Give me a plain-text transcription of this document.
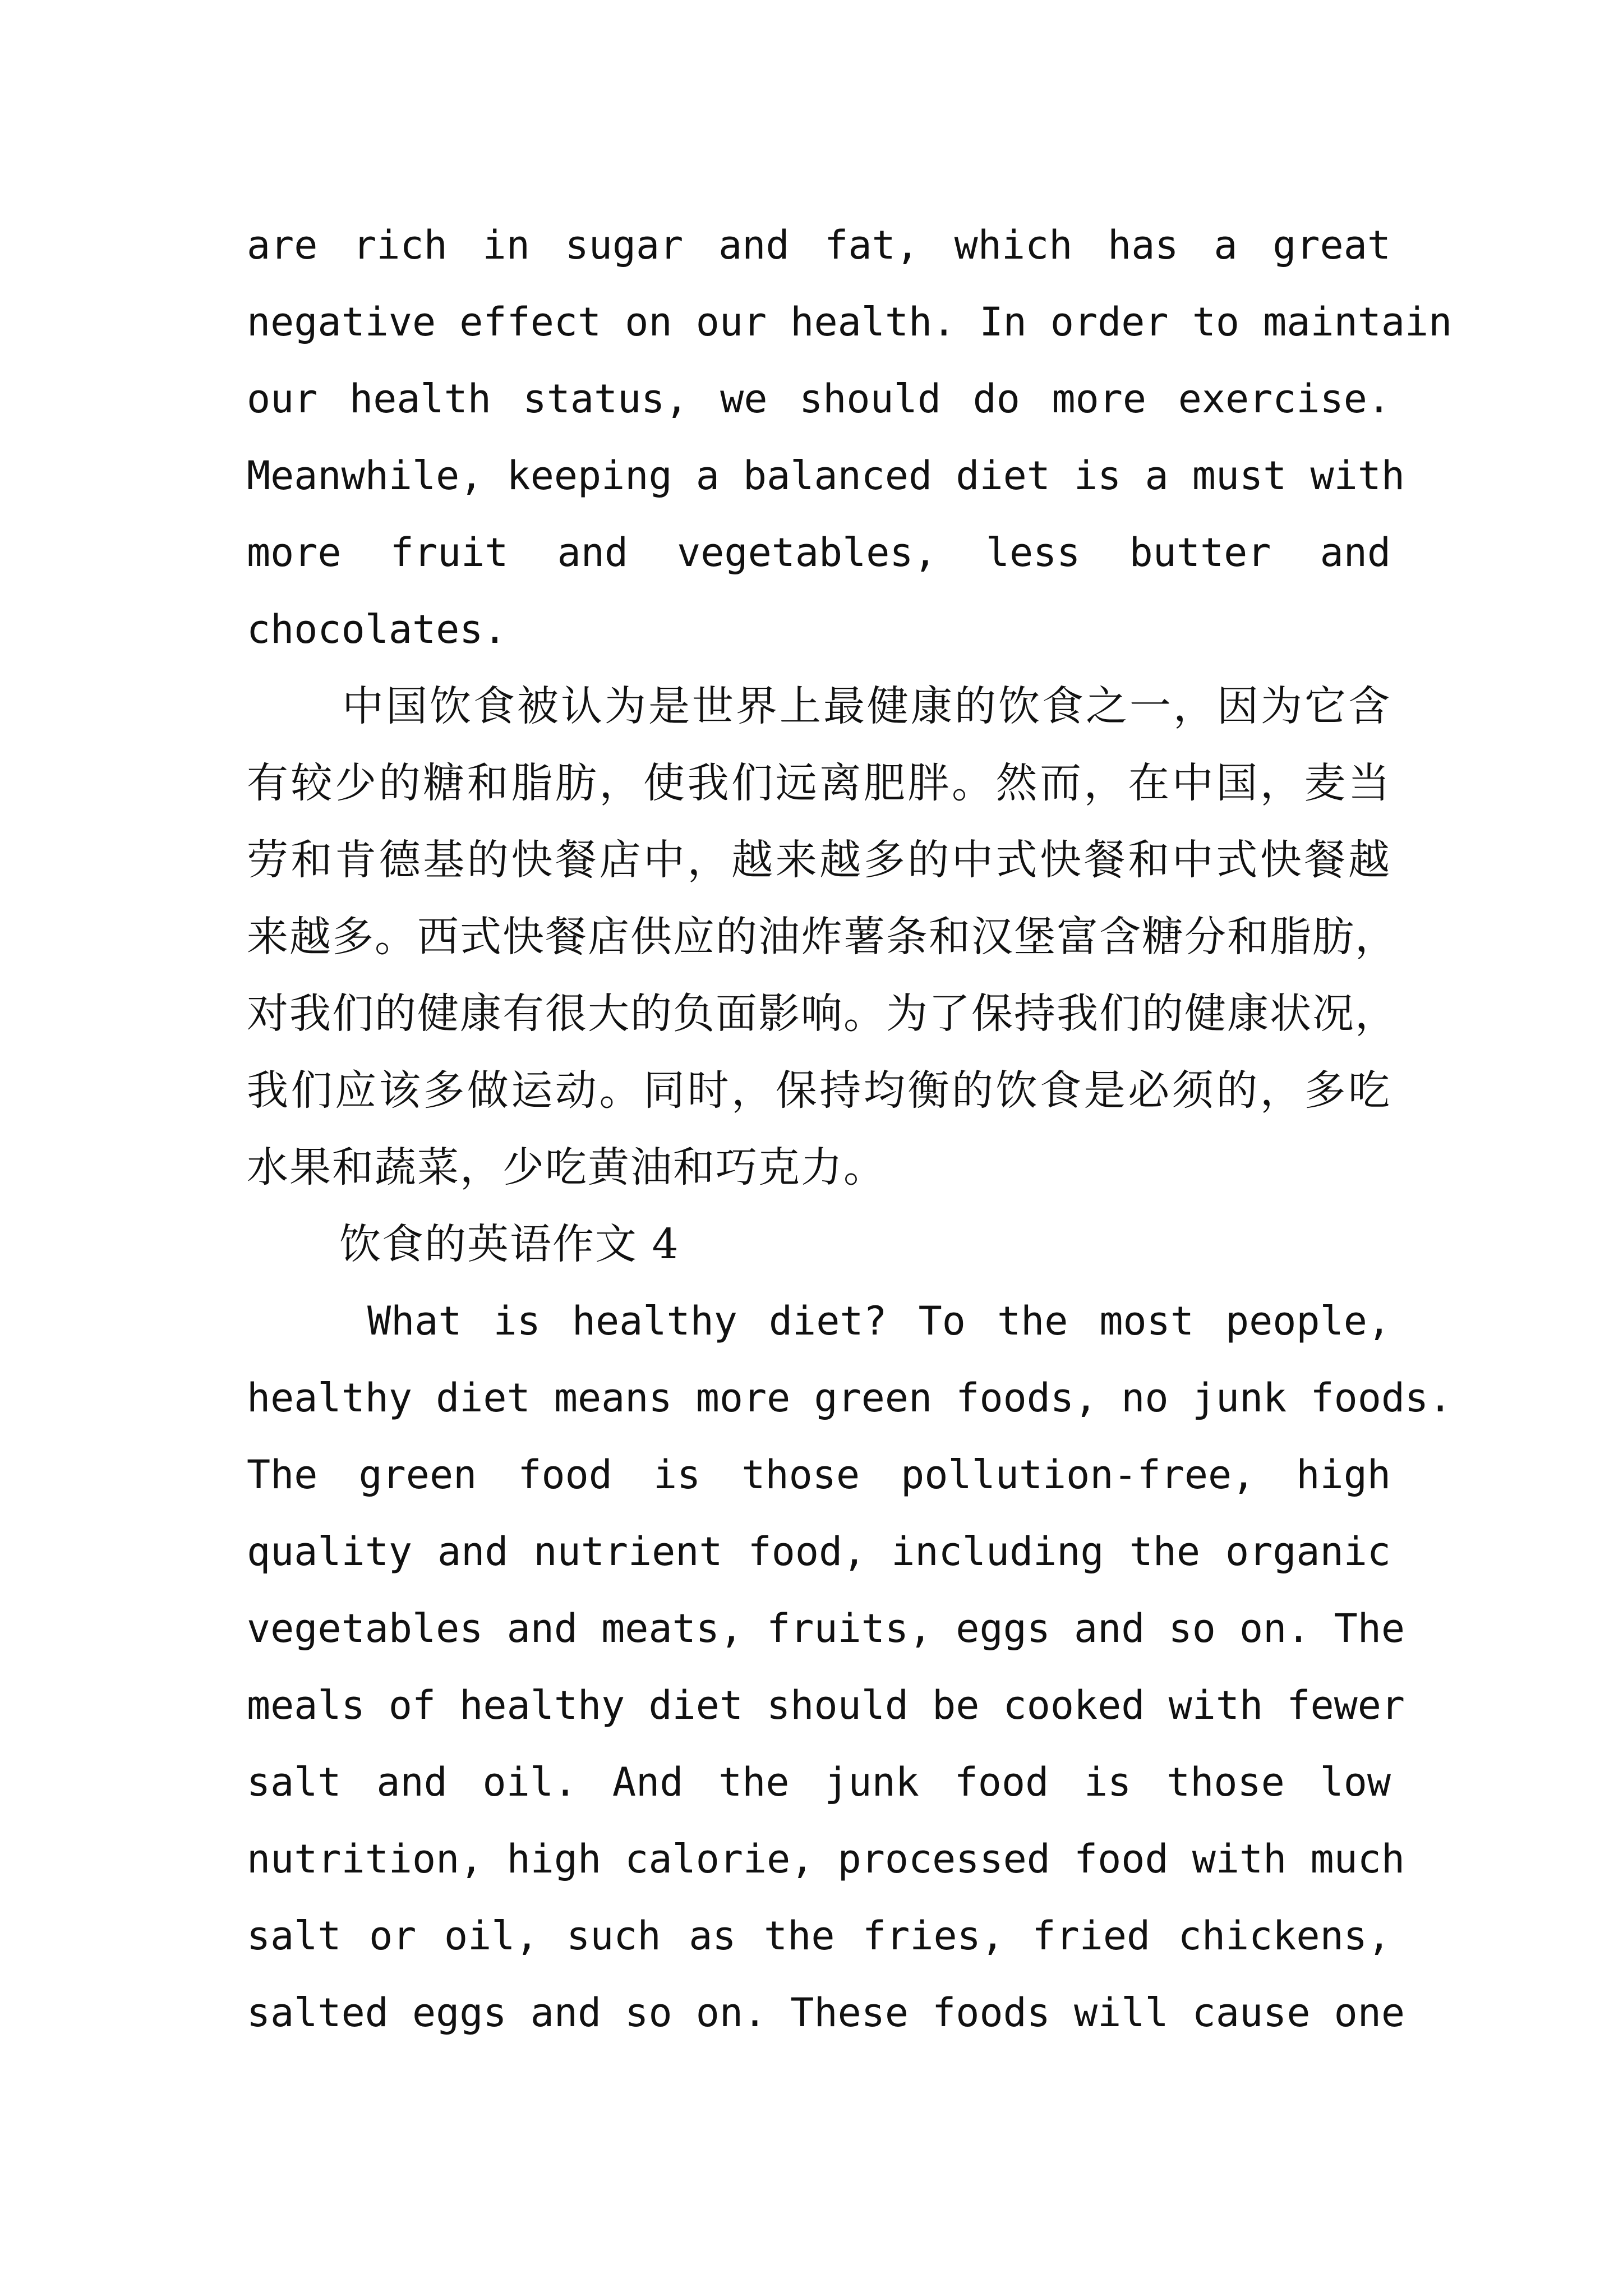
are rich in sugar and fat, which has a great
negative effect on our health. In order to maintain
our health status, we should do more exercise.
Meanwhile, keeping a balanced diet is a must with
more fruit and vegetables, less butter and
chocolates.
中国饮食被认为是世界上最健康的饮食之一，因为它含
有较少的糖和脂肪，使我们远离肥胖。然而，在中国，麦当
劳和肯德基的快餐店中，越来越多的中式快餐和中式快餐越
来越多。西式快餐店供应的油炸薯条和汉堡富含糖分和脂肪，
对我们的健康有很大的负面影响。为了保持我们的健康状况，
我们应该多做运动。同时，保持均衡的饮食是必须的，多吃
水果和蔬菜，少吃黄油和巧克力。
饮食的英语作文 4
What is healthy diet? To the most people,
healthy diet means more green foods, no junk foods.
The green food is those pollution-free, high
quality and nutrient food, including the organic
vegetables and meats, fruits, eggs and so on. The
meals of healthy diet should be cooked with fewer
salt and oil. And the junk food is those low
nutrition, high calorie, processed food with much
salt or oil, such as the fries, fried chickens,
salted eggs and so on. These foods will cause one
